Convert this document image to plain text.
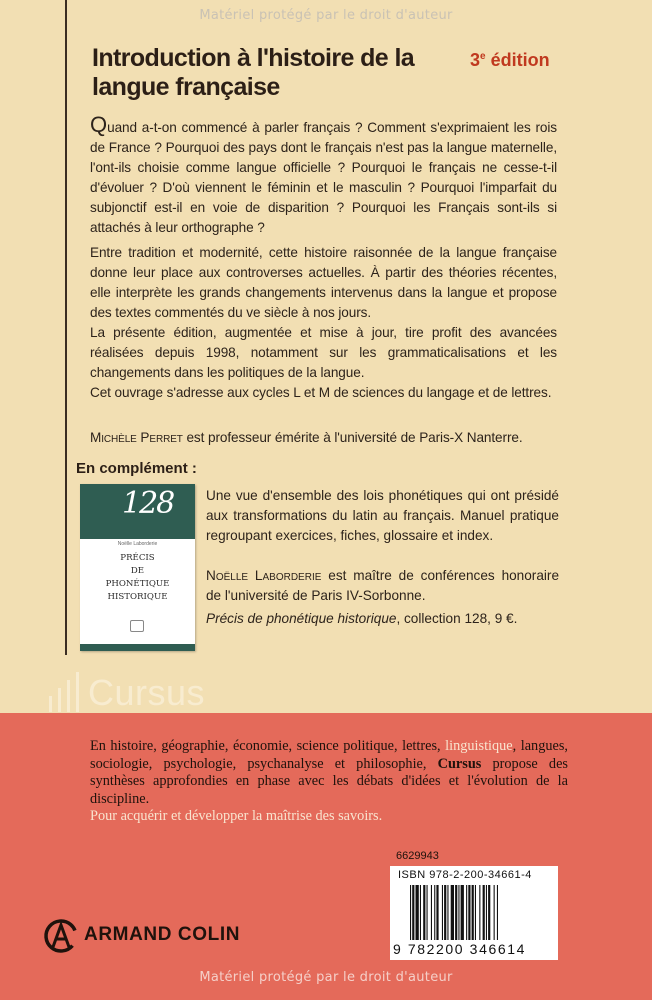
Matériel protégé par le droit d'auteur
Introduction à l'histoire de la langue française
3e édition
Quand a-t-on commencé à parler français ? Comment s'exprimaient les rois de France ? Pourquoi des pays dont le français n'est pas la langue maternelle, l'ont-ils choisie comme langue officielle ? Pourquoi le français ne cesse-t-il d'évoluer ? D'où viennent le féminin et le masculin ? Pourquoi l'imparfait du subjonctif est-il en voie de disparition ? Pourquoi les Français sont-ils si attachés à leur orthographe ?
Entre tradition et modernité, cette histoire raisonnée de la langue française donne leur place aux controverses actuelles. À partir des théories récentes, elle interprète les grands changements intervenus dans la langue et propose des textes commentés du ve siècle à nos jours.
La présente édition, augmentée et mise à jour, tire profit des avancées réalisées depuis 1998, notamment sur les grammaticalisations et les changements dans les politiques de la langue.
Cet ouvrage s'adresse aux cycles L et M de sciences du langage et de lettres.
Michèle Perret est professeur émérite à l'université de Paris-X Nanterre.
En complément :
128
Noëlle Laborderie
PRÉCIS
DE
PHONÉTIQUE
HISTORIQUE
Une vue d'ensemble des lois phonétiques qui ont présidé aux transformations du latin au français. Manuel pratique regroupant exercices, fiches, glossaire et index.
Noëlle Laborderie est maître de conférences honoraire de l'université de Paris IV-Sorbonne.
Précis de phonétique historique, collection 128, 9 €.
Cursus
En histoire, géographie, économie, science politique, lettres, linguistique, langues, sociologie, psychologie, psychanalyse et philosophie, Cursus propose des synthèses approfondies en phase avec les débats d'idées et l'évolution de la discipline.
Pour acquérir et développer la maîtrise des savoirs.
6629943
ISBN 978-2-200-34661-4
9 782200 346614
ARMAND COLIN
Matériel protégé par le droit d'auteur
